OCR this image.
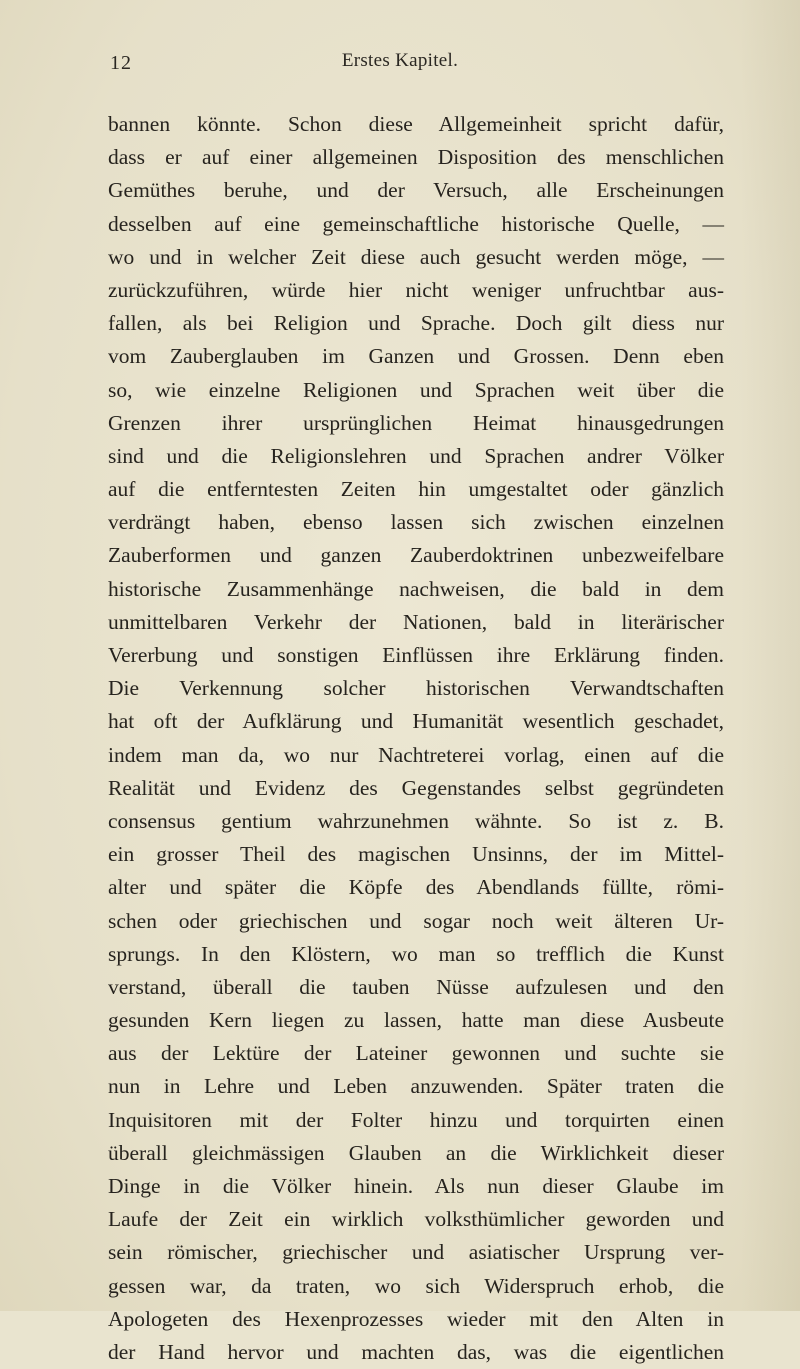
12	Erstes Kapitel.
bannen könnte. Schon diese Allgemeinheit spricht dafür,
dass er auf einer allgemeinen Disposition des menschlichen
Gemüthes beruhe, und der Versuch, alle Erscheinungen
desselben auf eine gemeinschaftliche historische Quelle, —
wo und in welcher Zeit diese auch gesucht werden möge, —
zurückzuführen, würde hier nicht weniger unfruchtbar aus-
fallen, als bei Religion und Sprache. Doch gilt diess nur
vom Zauberglauben im Ganzen und Grossen. Denn eben
so, wie einzelne Religionen und Sprachen weit über die
Grenzen ihrer ursprünglichen Heimat hinausgedrungen
sind und die Religionslehren und Sprachen andrer Völker
auf die entferntesten Zeiten hin umgestaltet oder gänzlich
verdrängt haben, ebenso lassen sich zwischen einzelnen
Zauberformen und ganzen Zauberdoktrinen unbezweifelbare
historische Zusammenhänge nachweisen, die bald in dem
unmittelbaren Verkehr der Nationen, bald in literärischer
Vererbung und sonstigen Einflüssen ihre Erklärung finden.
Die Verkennung solcher historischen Verwandtschaften
hat oft der Aufklärung und Humanität wesentlich geschadet,
indem man da, wo nur Nachtreterei vorlag, einen auf die
Realität und Evidenz des Gegenstandes selbst gegründeten
consensus gentium wahrzunehmen wähnte. So ist z. B.
ein grosser Theil des magischen Unsinns, der im Mittel-
alter und später die Köpfe des Abendlands füllte, römi-
schen oder griechischen und sogar noch weit älteren Ur-
sprungs. In den Klöstern, wo man so trefflich die Kunst
verstand, überall die tauben Nüsse aufzulesen und den
gesunden Kern liegen zu lassen, hatte man diese Ausbeute
aus der Lektüre der Lateiner gewonnen und suchte sie
nun in Lehre und Leben anzuwenden. Später traten die
Inquisitoren mit der Folter hinzu und torquirten einen
überall gleichmässigen Glauben an die Wirklichkeit dieser
Dinge in die Völker hinein. Als nun dieser Glaube im
Laufe der Zeit ein wirklich volksthümlicher geworden und
sein römischer, griechischer und asiatischer Ursprung ver-
gessen war, da traten, wo sich Widerspruch erhob, die
Apologeten des Hexenprozesses wieder mit den Alten in
der Hand hervor und machten das, was die eigentlichen
